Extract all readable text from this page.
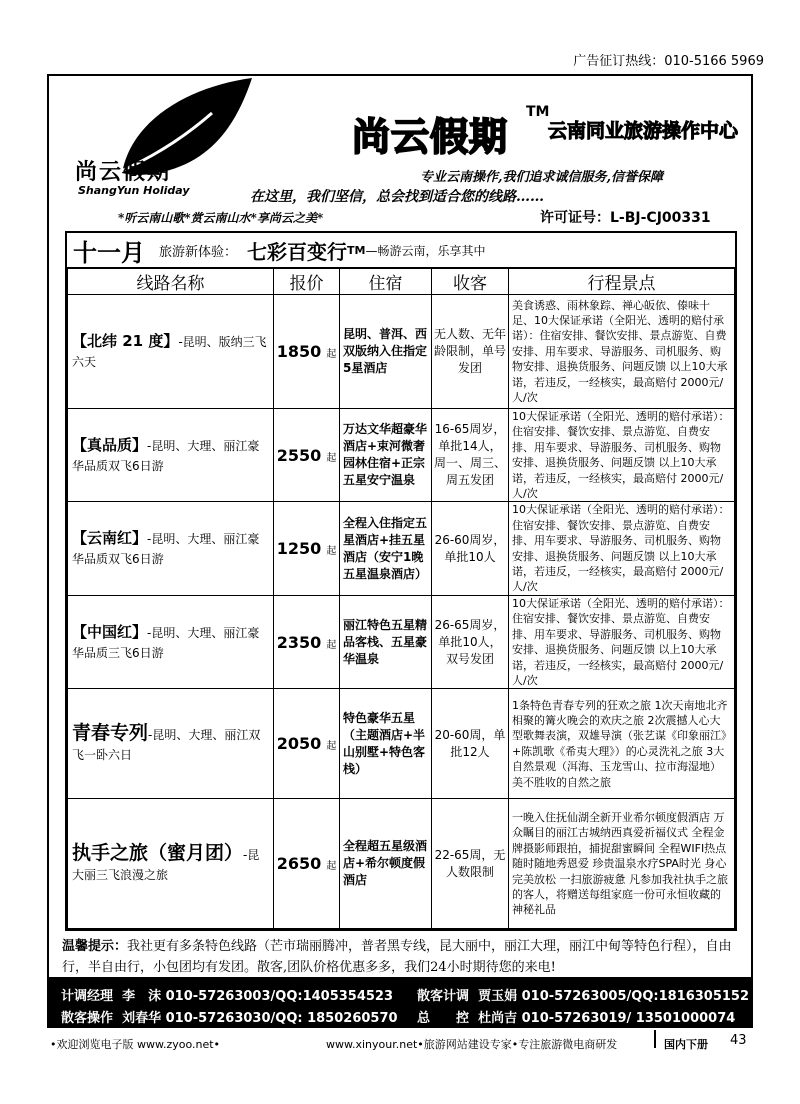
广告征订热线：010-5166 5969
尚云假期
ShangYun Holiday
尚云假期
TM
云南同业旅游操作中心
专业云南操作,我们追求诚信服务,信誉保障
在这里，我们坚信，总会找到适合您的线路……
*听云南山歌*赏云南山水*享尚云之美*	许可证号：L-BJ-CJ00331
十一月 旅游新体验： 七彩百变行 TM —畅游云南，乐享其中
线路名称	报价	住宿	收客	行程景点
【北纬 21 度】-昆明、版纳三飞六天	1850 起	昆明、普洱、西双版纳入住指定5星酒店	无人数、无年龄限制，单号发团	美食诱惑、雨林象踪、禅心皈依、傣味十足、10大保证承诺（全阳光、透明的赔付承诺）：住宿安排、餐饮安排、景点游览、自费安排、用车要求、导游服务、司机服务、购物安排、退换货服务、问题反馈 以上10大承诺，若违反，一经核实，最高赔付 2000元/人/次
【真品质】-昆明、大理、丽江豪华品质双飞6日游	2550 起	万达文华超豪华酒店+束河微奢园林住宿+正宗五星安宁温泉	16-65周岁，单批14人，周一、周三、周五发团	10大保证承诺（全阳光、透明的赔付承诺）：住宿安排、餐饮安排、景点游览、自费安排、用车要求、导游服务、司机服务、购物安排、退换货服务、问题反馈 以上10大承诺，若违反，一经核实，最高赔付 2000元/人/次
【云南红】-昆明、大理、丽江豪华品质双飞6日游	1250 起	全程入住指定五星酒店+挂五星酒店（安宁1晚五星温泉酒店）	26-60周岁，单批10人	10大保证承诺（全阳光、透明的赔付承诺）：住宿安排、餐饮安排、景点游览、自费安排、用车要求、导游服务、司机服务、购物安排、退换货服务、问题反馈 以上10大承诺，若违反，一经核实，最高赔付 2000元/人/次
【中国红】-昆明、大理、丽江豪华品质三飞6日游	2350 起	丽江特色五星精品客栈、五星豪华温泉	26-65周岁，单批10人，双号发团	10大保证承诺（全阳光、透明的赔付承诺）：住宿安排、餐饮安排、景点游览、自费安排、用车要求、导游服务、司机服务、购物安排、退换货服务、问题反馈 以上10大承诺，若违反，一经核实，最高赔付 2000元/人/次
青春专列-昆明、大理、丽江双飞一卧六日	2050 起	特色豪华五星（主题酒店+半山别墅+特色客栈）	20-60周，单批12人	1条特色青春专列的狂欢之旅 1次天南地北齐相聚的篝火晚会的欢庆之旅 2次震撼人心大型歌舞表演，双雄导演（张艺谋《印象丽江》+陈凯歌《希夷大理》）的心灵洗礼之旅 3大自然景观（洱海、玉龙雪山、拉市海湿地）美不胜收的自然之旅
执手之旅（蜜月团）-昆大丽三飞浪漫之旅	2650 起	全程超五星级酒店+希尔顿度假酒店	22-65周，无人数限制	一晚入住抚仙湖全新开业希尔顿度假酒店 万众瞩目的丽江古城纳西真爱祈福仪式 全程金牌摄影师跟拍，捕捉甜蜜瞬间 全程WIFI热点 随时随地秀恩爱 珍贵温泉水疗SPA时光 身心完美放松 一扫旅游疲惫 凡参加我社执手之旅的客人，将赠送每组家庭一份可永恒收藏的神秘礼品
温馨提示：我社更有多条特色线路（芒市瑞丽腾冲，普者黑专线，昆大丽中，丽江大理，丽江中甸等特色行程），自由行，半自由行，小包团均有发团。散客,团队价格优惠多多，我们24小时期待您的来电!
计调经理 李　沫 010-57263003/QQ:1405354523 散客计调 贾玉娟 010-57263005/QQ:1816305152
散客操作 刘春华 010-57263030/QQ: 1850260570 总　　控 杜尚吉 010-57263019/ 13501000074
•欢迎浏览电子版 www.zyoo.net•	www.xinyour.net•旅游网站建设专家•专注旅游微电商研发	国内下册 43
